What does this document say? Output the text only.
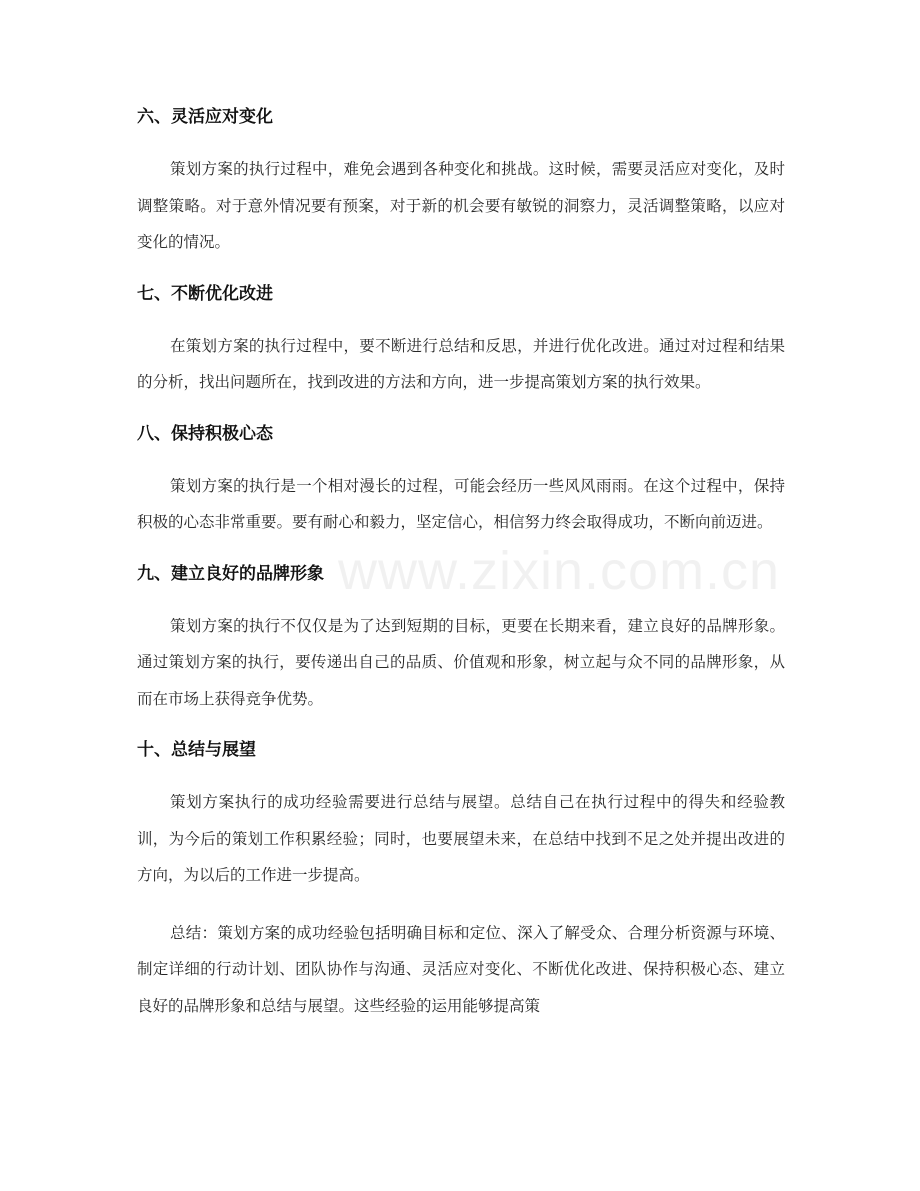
六、灵活应对变化

策划方案的执行过程中，难免会遇到各种变化和挑战。这时候，需要灵活应对变化，及时调整策略。对于意外情况要有预案，对于新的机会要有敏锐的洞察力，灵活调整策略，以应对变化的情况。

七、不断优化改进

在策划方案的执行过程中，要不断进行总结和反思，并进行优化改进。通过对过程和结果的分析，找出问题所在，找到改进的方法和方向，进一步提高策划方案的执行效果。

八、保持积极心态

策划方案的执行是一个相对漫长的过程，可能会经历一些风风雨雨。在这个过程中，保持积极的心态非常重要。要有耐心和毅力，坚定信心，相信努力终会取得成功，不断向前迈进。

九、建立良好的品牌形象

策划方案的执行不仅仅是为了达到短期的目标，更要在长期来看，建立良好的品牌形象。通过策划方案的执行，要传递出自己的品质、价值观和形象，树立起与众不同的品牌形象，从而在市场上获得竞争优势。

十、总结与展望

策划方案执行的成功经验需要进行总结与展望。总结自己在执行过程中的得失和经验教训，为今后的策划工作积累经验；同时，也要展望未来，在总结中找到不足之处并提出改进的方向，为以后的工作进一步提高。

总结：策划方案的成功经验包括明确目标和定位、深入了解受众、合理分析资源与环境、制定详细的行动计划、团队协作与沟通、灵活应对变化、不断优化改进、保持积极心态、建立良好的品牌形象和总结与展望。这些经验的运用能够提高策

www.zixin.com.cn
